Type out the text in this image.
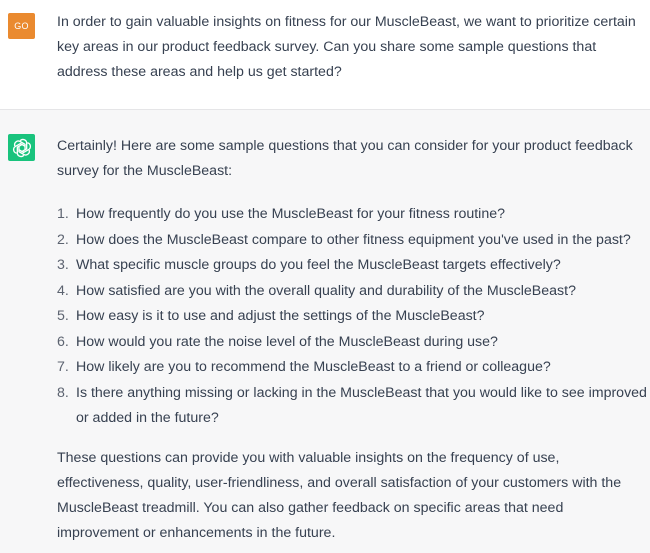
GO	In order to gain valuable insights on fitness for our MuscleBeast, we want to prioritize certain key areas in our product feedback survey. Can you share some sample questions that address these areas and help us get started?

Certainly! Here are some sample questions that you can consider for your product feedback survey for the MuscleBeast:

1. How frequently do you use the MuscleBeast for your fitness routine?
2. How does the MuscleBeast compare to other fitness equipment you've used in the past?
3. What specific muscle groups do you feel the MuscleBeast targets effectively?
4. How satisfied are you with the overall quality and durability of the MuscleBeast?
5. How easy is it to use and adjust the settings of the MuscleBeast?
6. How would you rate the noise level of the MuscleBeast during use?
7. How likely are you to recommend the MuscleBeast to a friend or colleague?
8. Is there anything missing or lacking in the MuscleBeast that you would like to see improved or added in the future?

These questions can provide you with valuable insights on the frequency of use, effectiveness, quality, user-friendliness, and overall satisfaction of your customers with the MuscleBeast treadmill. You can also gather feedback on specific areas that need improvement or enhancements in the future.
